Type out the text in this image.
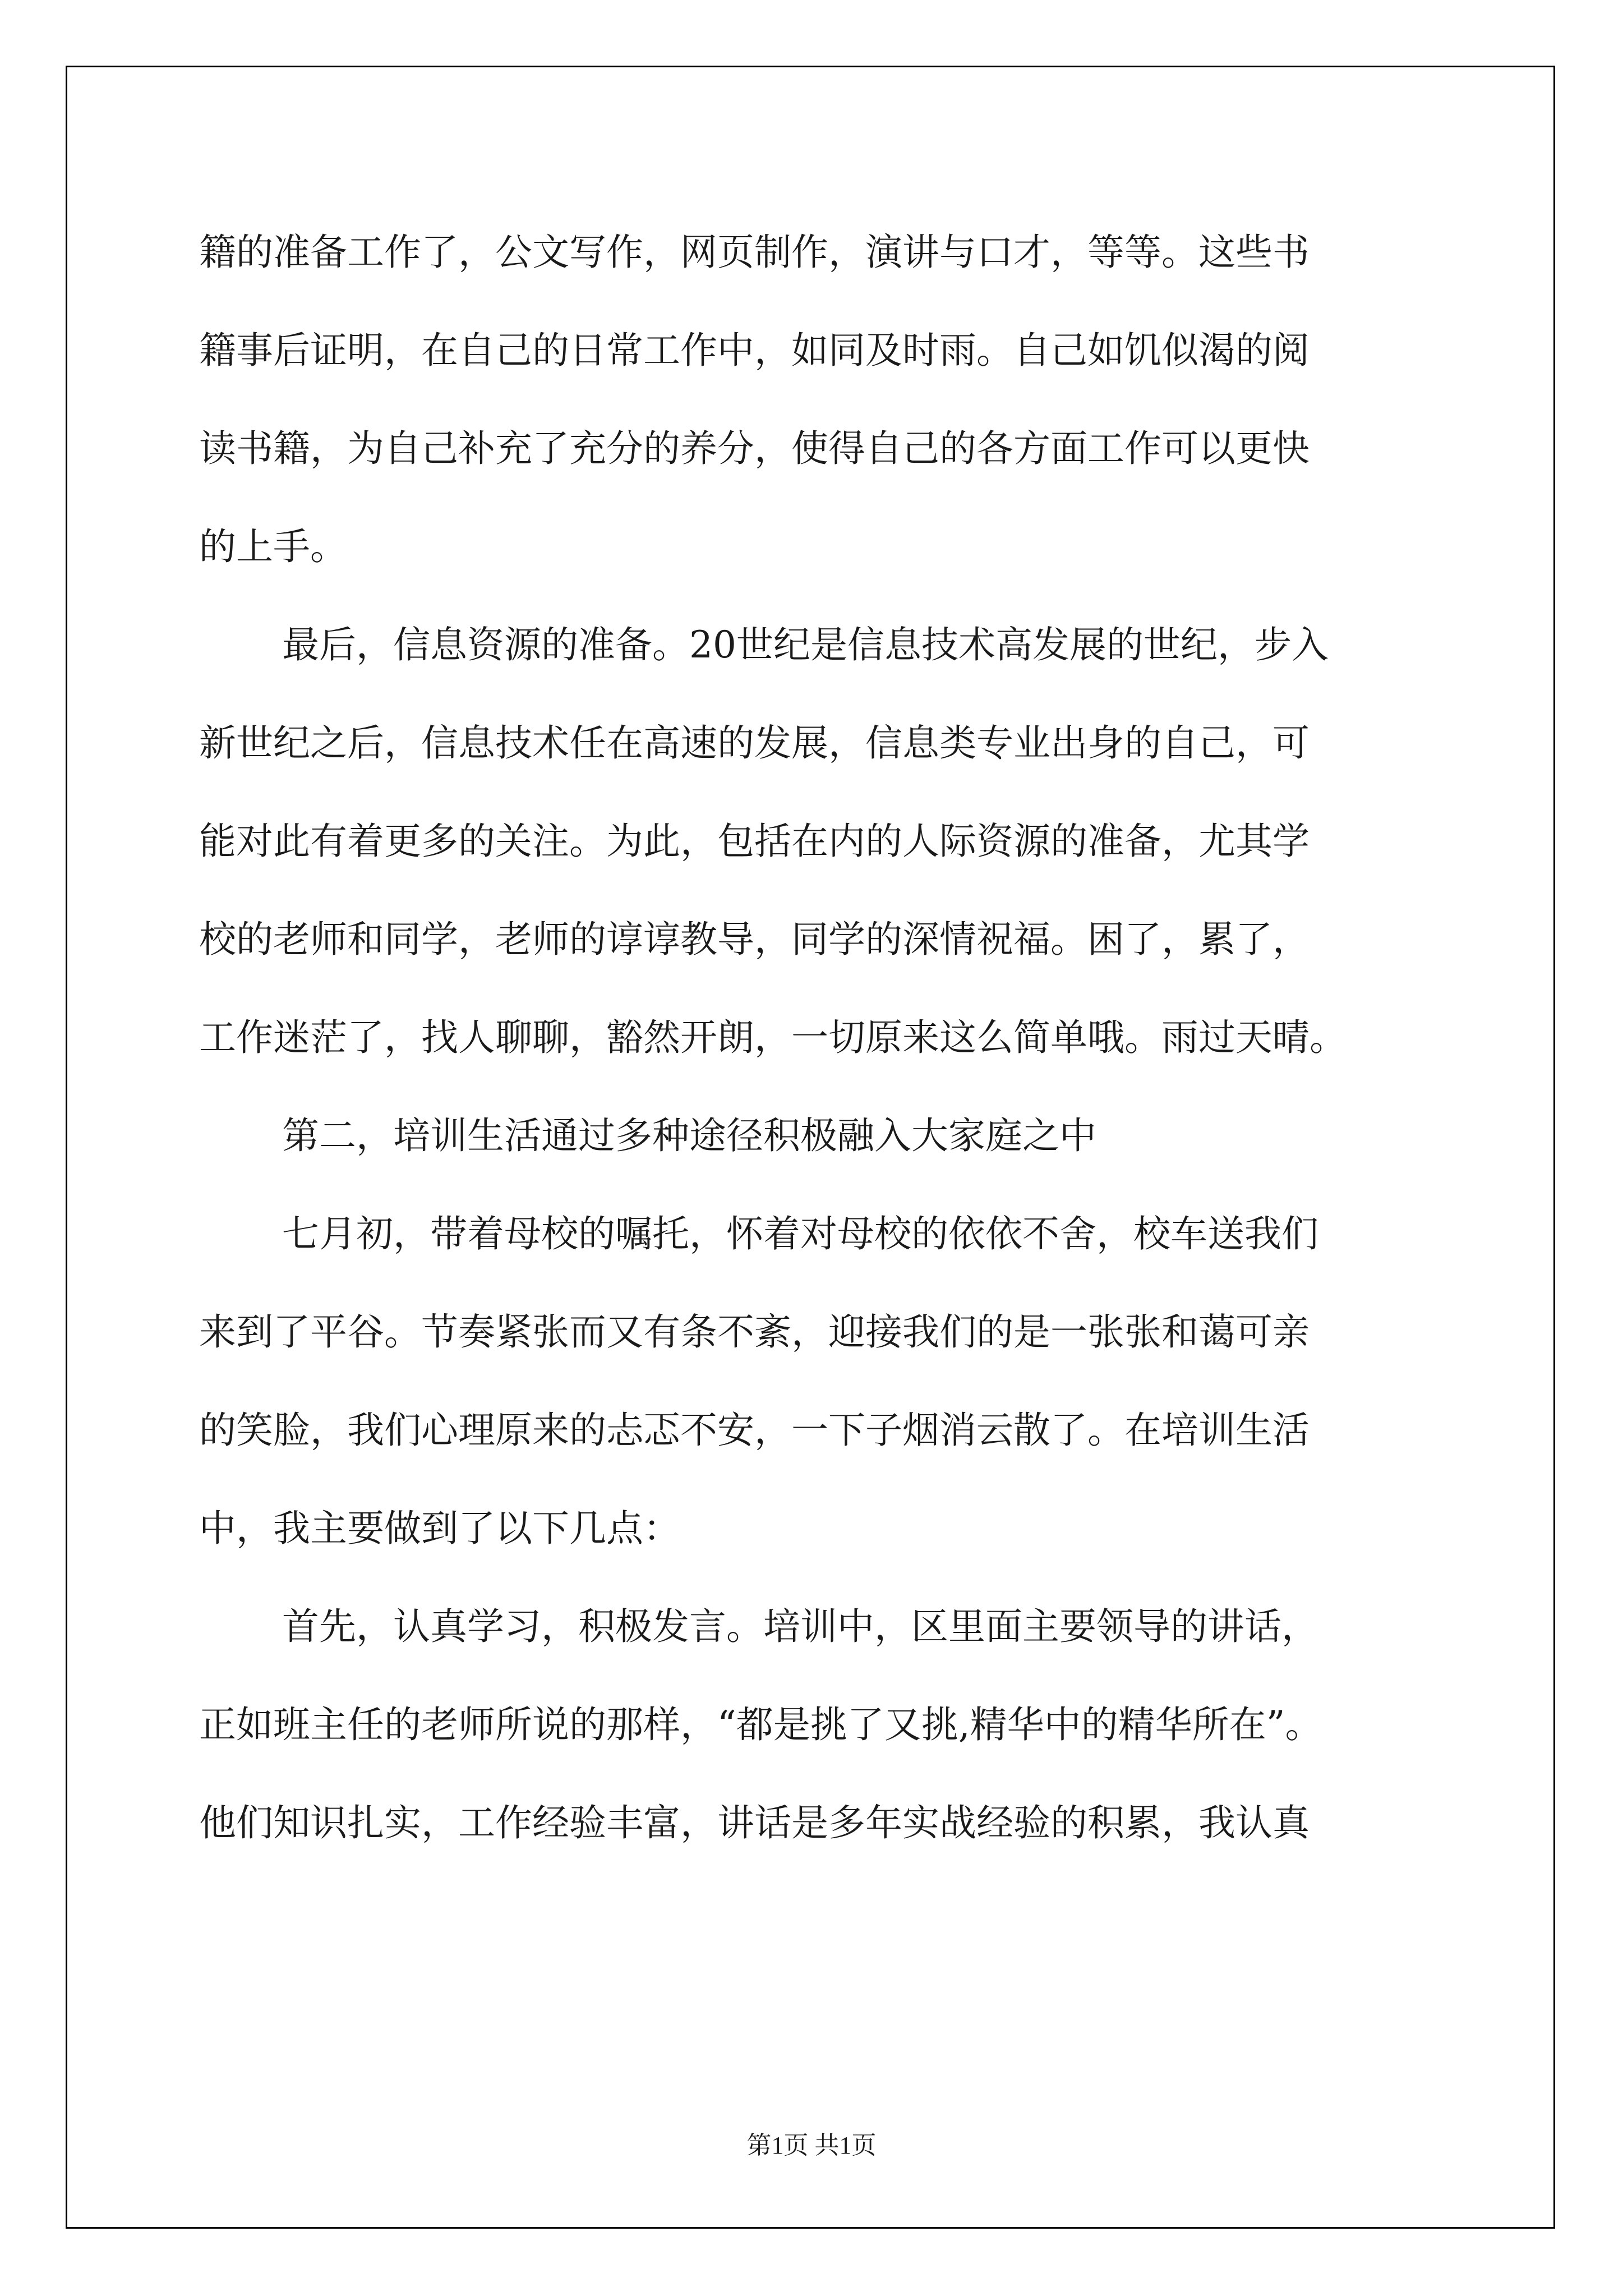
籍的准备工作了，公文写作，网页制作，演讲与口才，等等。这些书
籍事后证明，在自己的日常工作中，如同及时雨。自己如饥似渴的阅
读书籍，为自己补充了充分的养分，使得自己的各方面工作可以更快
的上手。
最后，信息资源的准备。20世纪是信息技术高发展的世纪，步入
新世纪之后，信息技术任在高速的发展，信息类专业出身的自己，可
能对此有着更多的关注。为此，包括在内的人际资源的准备，尤其学
校的老师和同学，老师的谆谆教导，同学的深情祝福。困了，累了，
工作迷茫了，找人聊聊，豁然开朗，一切原来这么简单哦。雨过天晴。
第二，培训生活通过多种途径积极融入大家庭之中
七月初，带着母校的嘱托，怀着对母校的依依不舍，校车送我们
来到了平谷。节奏紧张而又有条不紊，迎接我们的是一张张和蔼可亲
的笑脸，我们心理原来的忐忑不安，一下子烟消云散了。在培训生活
中，我主要做到了以下几点：
首先，认真学习，积极发言。培训中，区里面主要领导的讲话，
正如班主任的老师所说的那样，“都是挑了又挑,精华中的精华所在”。
他们知识扎实，工作经验丰富，讲话是多年实战经验的积累，我认真
第1页 共1页
